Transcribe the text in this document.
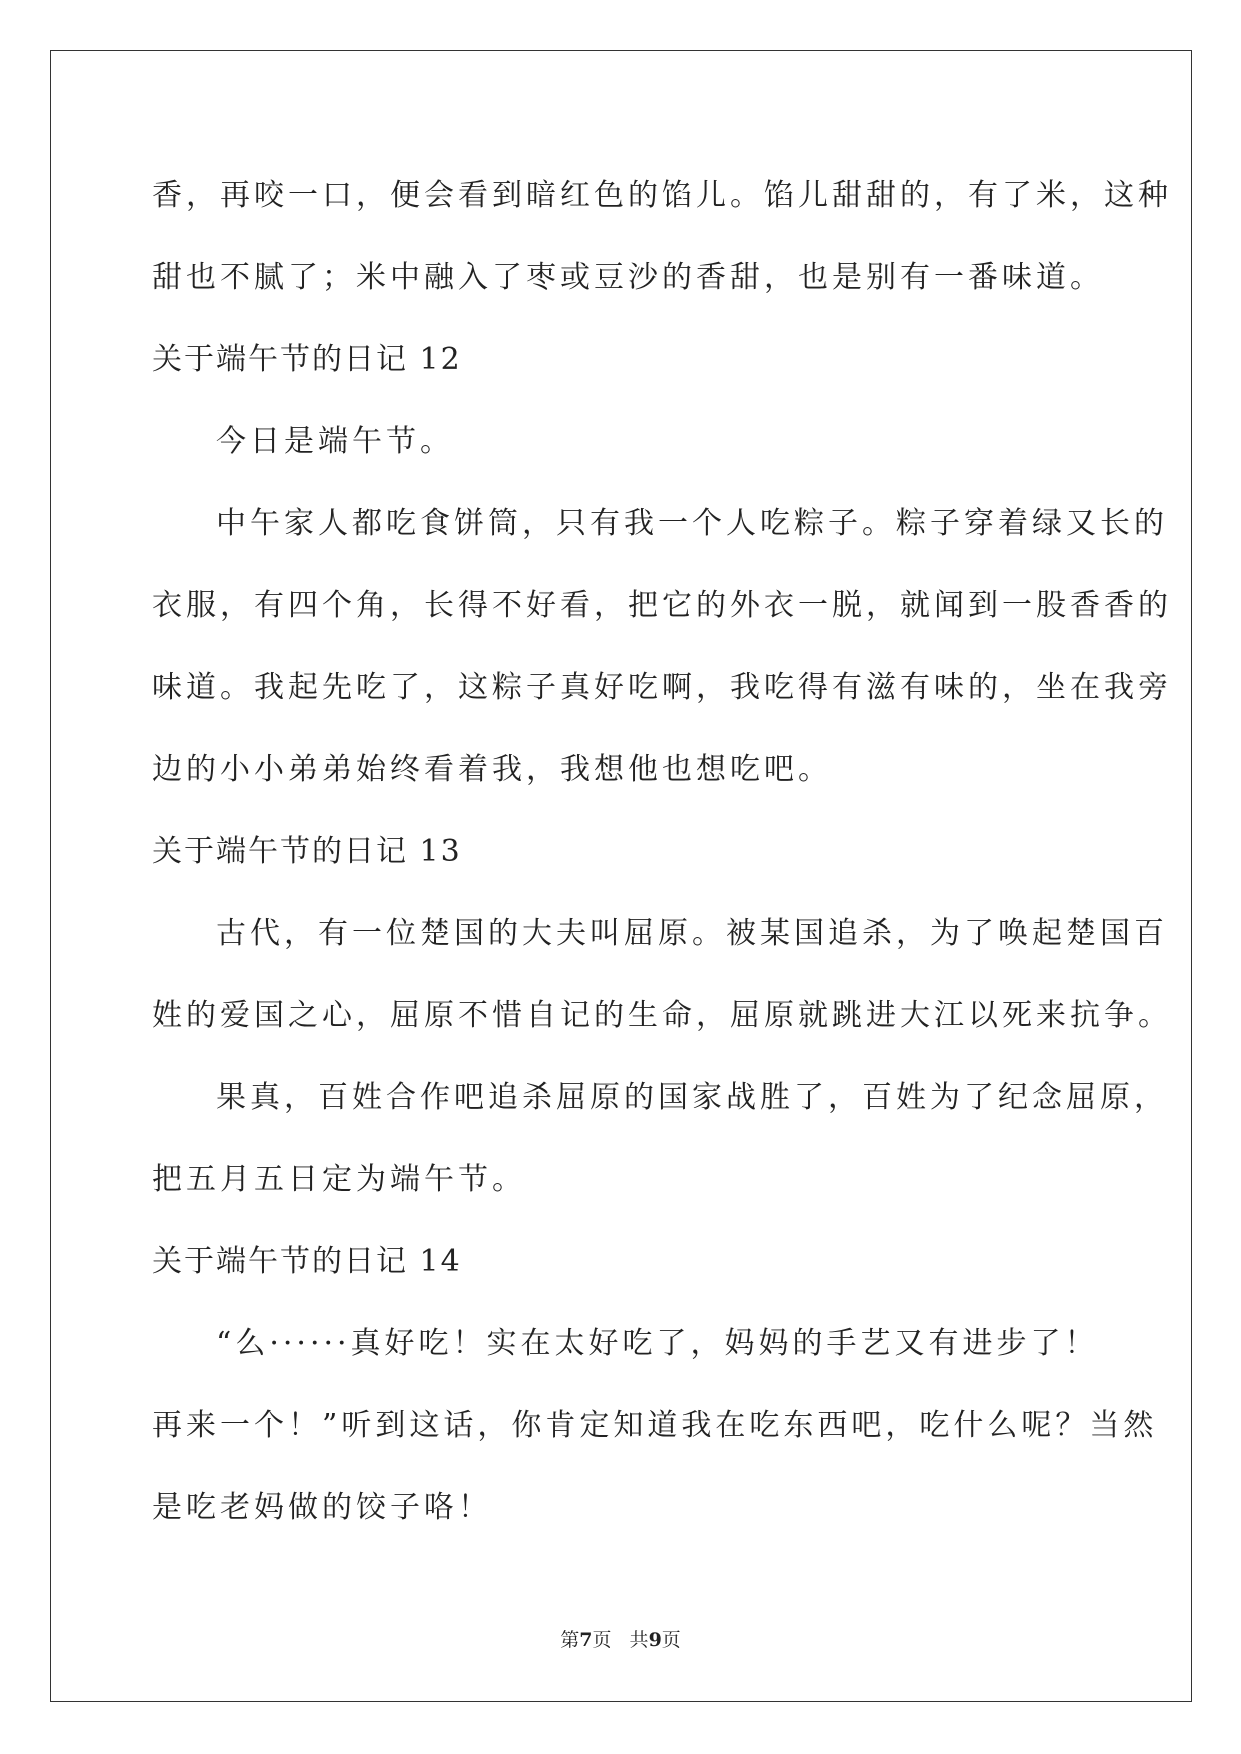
香，再咬一口，便会看到暗红色的馅儿。馅儿甜甜的，有了米，这种
甜也不腻了；米中融入了枣或豆沙的香甜，也是别有一番味道。
关于端午节的日记 12
今日是端午节。
中午家人都吃食饼筒，只有我一个人吃粽子。粽子穿着绿又长的
衣服，有四个角，长得不好看，把它的外衣一脱，就闻到一股香香的
味道。我起先吃了，这粽子真好吃啊，我吃得有滋有味的，坐在我旁
边的小小弟弟始终看着我，我想他也想吃吧。
关于端午节的日记 13
古代，有一位楚国的大夫叫屈原。被某国追杀，为了唤起楚国百
姓的爱国之心，屈原不惜自记的生命，屈原就跳进大江以死来抗争。
果真，百姓合作吧追杀屈原的国家战胜了，百姓为了纪念屈原，
把五月五日定为端午节。
关于端午节的日记 14
“么······真好吃！实在太好吃了，妈妈的手艺又有进步了！
再来一个！”听到这话，你肯定知道我在吃东西吧，吃什么呢？当然
是吃老妈做的饺子咯！
第7页   共9页
